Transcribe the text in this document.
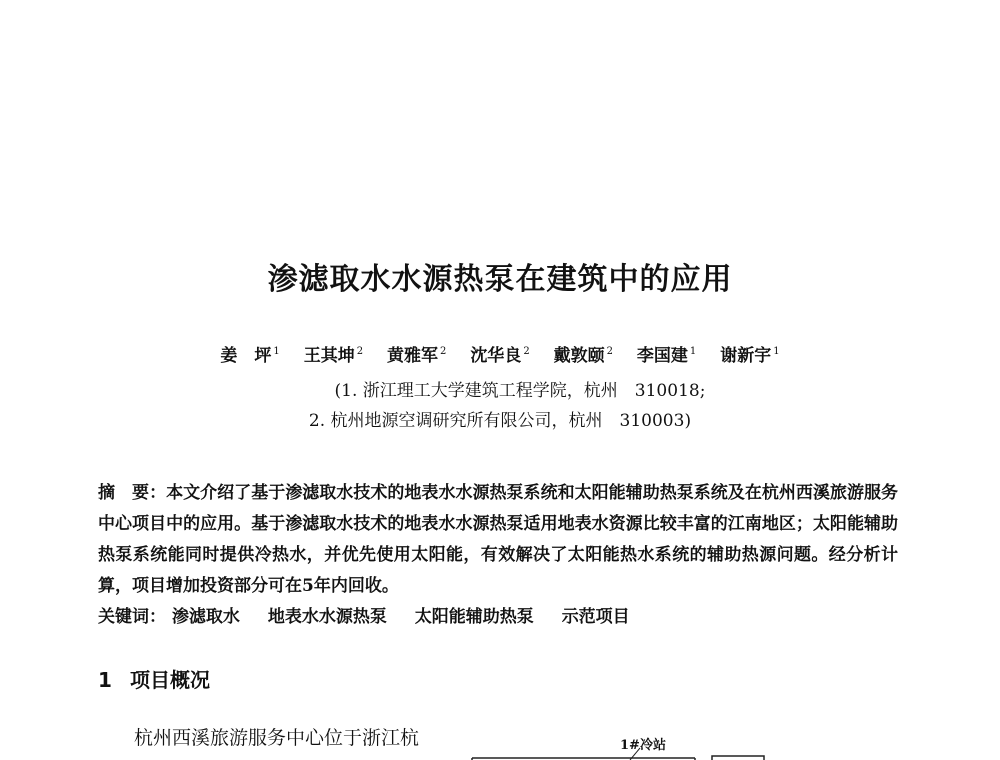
渗滤取水水源热泵在建筑中的应用
姜　坪 $^1$ 王其坤 $^2$ 黄雅军 $^2$ 沈华良 $^2$ 戴敦颐 $^2$ 李国建 $^1$ 谢新宇 $^1$

(1. 浙江理工大学建筑工程学院，杭州　310018;

2. 杭州地源空调研究所有限公司，杭州　310003)

摘　要：本文介绍了基于渗滤取水技术的地表水水源热泵系统和太阳能辅助热泵系统及在杭州西溪旅游服务中心项目中的应用。基于渗滤取水技术的地表水水源热泵适用地表水资源比较丰富的江南地区；太阳能辅助热泵系统能同时提供冷热水，并优先使用太阳能，有效解决了太阳能热水系统的辅助热源问题。经分析计算，项目增加投资部分可在5年内回收。

关键词： 渗滤取水 地表水水源热泵 太阳能辅助热泵 示范项目

1 项目概况

杭州西溪旅游服务中心位于浙江杭	1#冷站
